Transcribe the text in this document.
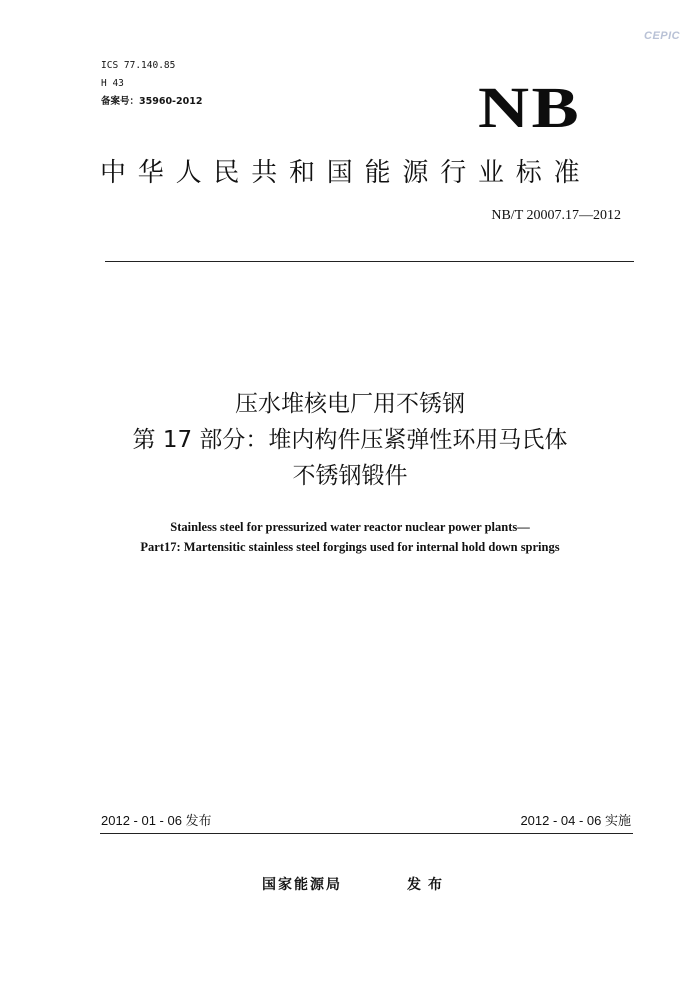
CEPIC
ICS 77.140.85
H 43
备案号：35960-2012	NB
中华人民共和国能源行业标准
NB/T 20007.17—2012
压水堆核电厂用不锈钢
第 17 部分：堆内构件压紧弹性环用马氏体
不锈钢锻件
Stainless steel for pressurized water reactor nuclear power plants—
Part17: Martensitic stainless steel forgings used for internal hold down springs
2012 - 01 - 06 发布	2012 - 04 - 06 实施
国家能源局	发布
